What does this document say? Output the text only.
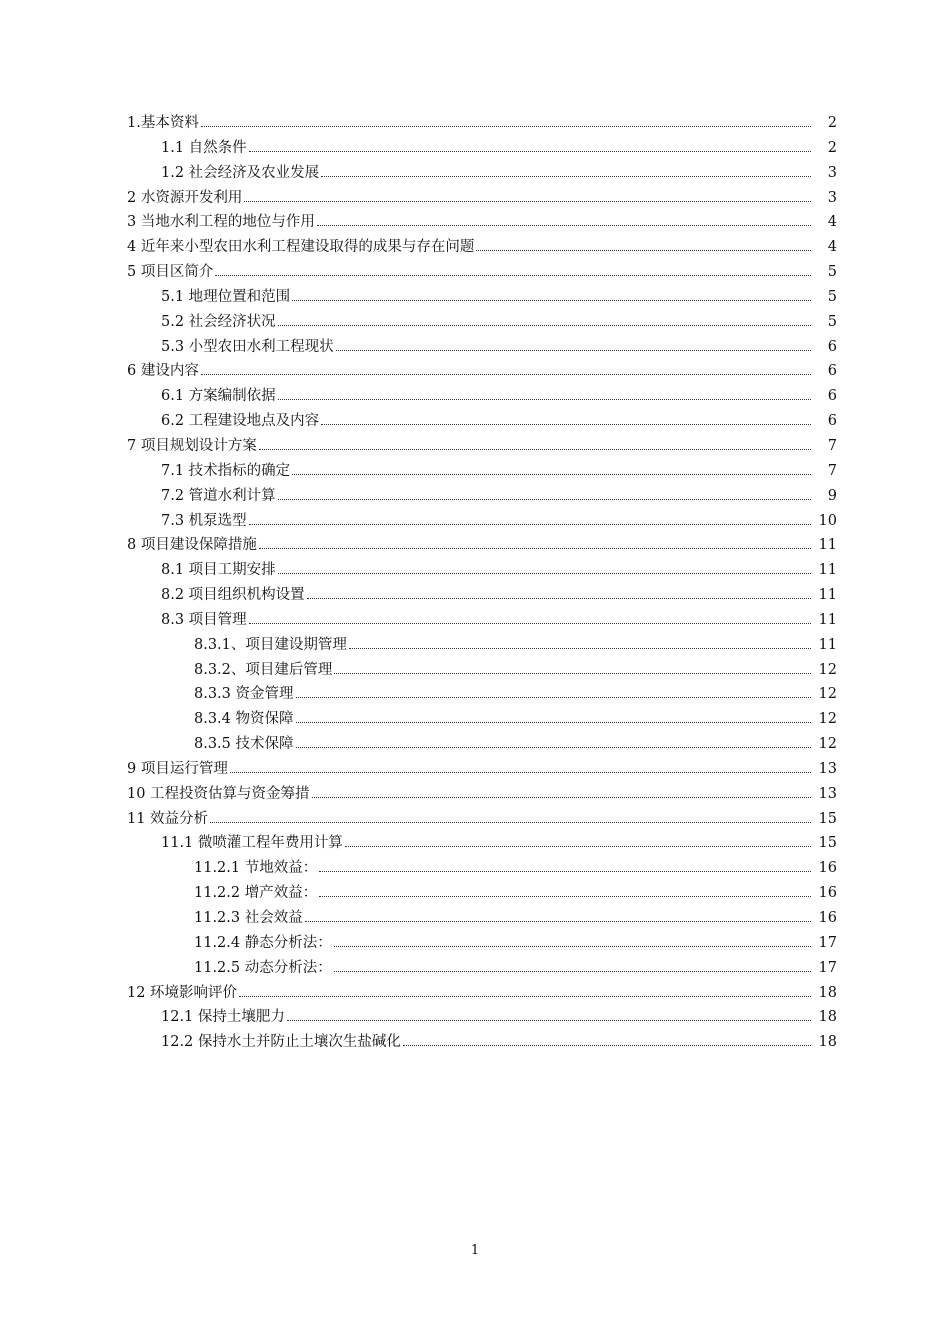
1.基本资料	2
1.1 自然条件	2
1.2 社会经济及农业发展	3
2 水资源开发利用	3
3 当地水利工程的地位与作用	4
4 近年来小型农田水利工程建设取得的成果与存在问题	4
5 项目区简介	5
5.1 地理位置和范围	5
5.2 社会经济状况	5
5.3 小型农田水利工程现状	6
6 建设内容	6
6.1 方案编制依据	6
6.2 工程建设地点及内容	6
7 项目规划设计方案	7
7.1 技术指标的确定	7
7.2 管道水利计算	9
7.3 机泵选型	10
8 项目建设保障措施	11
8.1 项目工期安排	11
8.2 项目组织机构设置	11
8.3 项目管理	11
8.3.1、项目建设期管理	11
8.3.2、项目建后管理	12
8.3.3 资金管理	12
8.3.4 物资保障	12
8.3.5 技术保障	12
9 项目运行管理	13
10 工程投资估算与资金筹措	13
11 效益分析	15
11.1 微喷灌工程年费用计算	15
11.2.1 节地效益：	16
11.2.2 增产效益：	16
11.2.3 社会效益	16
11.2.4 静态分析法：	17
11.2.5 动态分析法：	17
12 环境影响评价	18
12.1 保持土壤肥力	18
12.2 保持水土并防止土壤次生盐碱化	18
1
